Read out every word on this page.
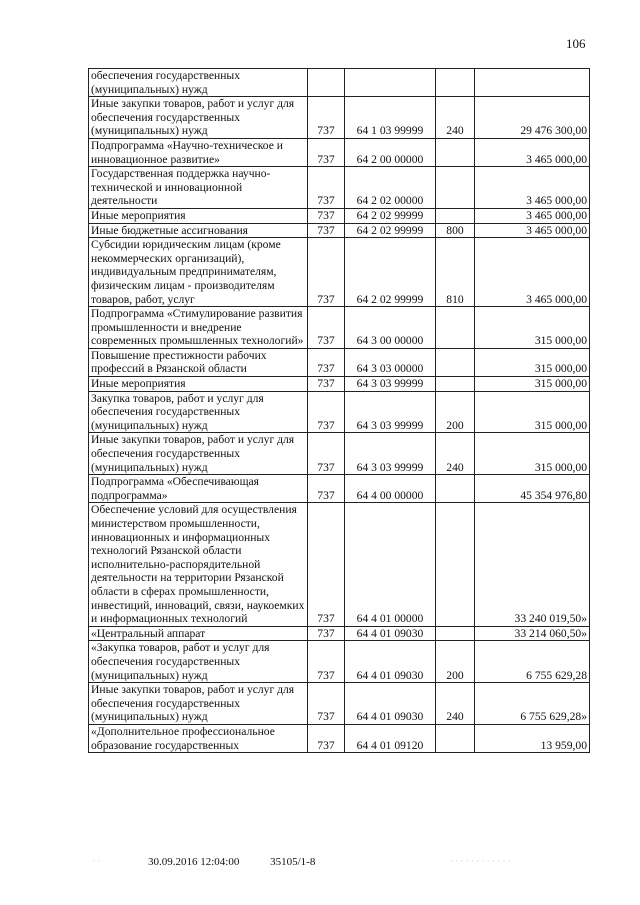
106
обеспечения государственных (муниципальных) нужд				
Иные закупки товаров, работ и услуг для обеспечения государственных (муниципальных) нужд	737	64 1 03 99999	240	29 476 300,00
Подпрограмма «Научно-техническое и инновационное развитие»	737	64 2 00 00000		3 465 000,00
Государственная поддержка научно-технической и инновационной деятельности	737	64 2 02 00000		3 465 000,00
Иные мероприятия	737	64 2 02 99999		3 465 000,00
Иные бюджетные ассигнования	737	64 2 02 99999	800	3 465 000,00
Субсидии юридическим лицам (кроме некоммерческих организаций), индивидуальным предпринимателям, физическим лицам - производителям товаров, работ, услуг	737	64 2 02 99999	810	3 465 000,00
Подпрограмма «Стимулирование развития промышленности и внедрение современных промышленных технологий»	737	64 3 00 00000		315 000,00
Повышение престижности рабочих профессий в Рязанской области	737	64 3 03 00000		315 000,00
Иные мероприятия	737	64 3 03 99999		315 000,00
Закупка товаров, работ и услуг для обеспечения государственных (муниципальных) нужд	737	64 3 03 99999	200	315 000,00
Иные закупки товаров, работ и услуг для обеспечения государственных (муниципальных) нужд	737	64 3 03 99999	240	315 000,00
Подпрограмма «Обеспечивающая подпрограмма»	737	64 4 00 00000		45 354 976,80
Обеспечение условий для осуществления министерством промышленности, инновационных и информационных технологий Рязанской области исполнительно-распорядительной деятельности на территории Рязанской области в сферах промышленности, инвестиций, инноваций, связи, наукоемких и информационных технологий	737	64 4 01 00000		33 240 019,50»
«Центральный аппарат	737	64 4 01 09030		33 214 060,50»
«Закупка товаров, работ и услуг для обеспечения государственных (муниципальных) нужд	737	64 4 01 09030	200	6 755 629,28
Иные закупки товаров, работ и услуг для обеспечения государственных (муниципальных) нужд	737	64 4 01 09030	240	6 755 629,28»
«Дополнительное профессиональное образование государственных	737	64 4 01 09120		13 959,00
30.09.2016 12:04:00	35105/1-8
· ·	· · · · · · · · · · · ·
